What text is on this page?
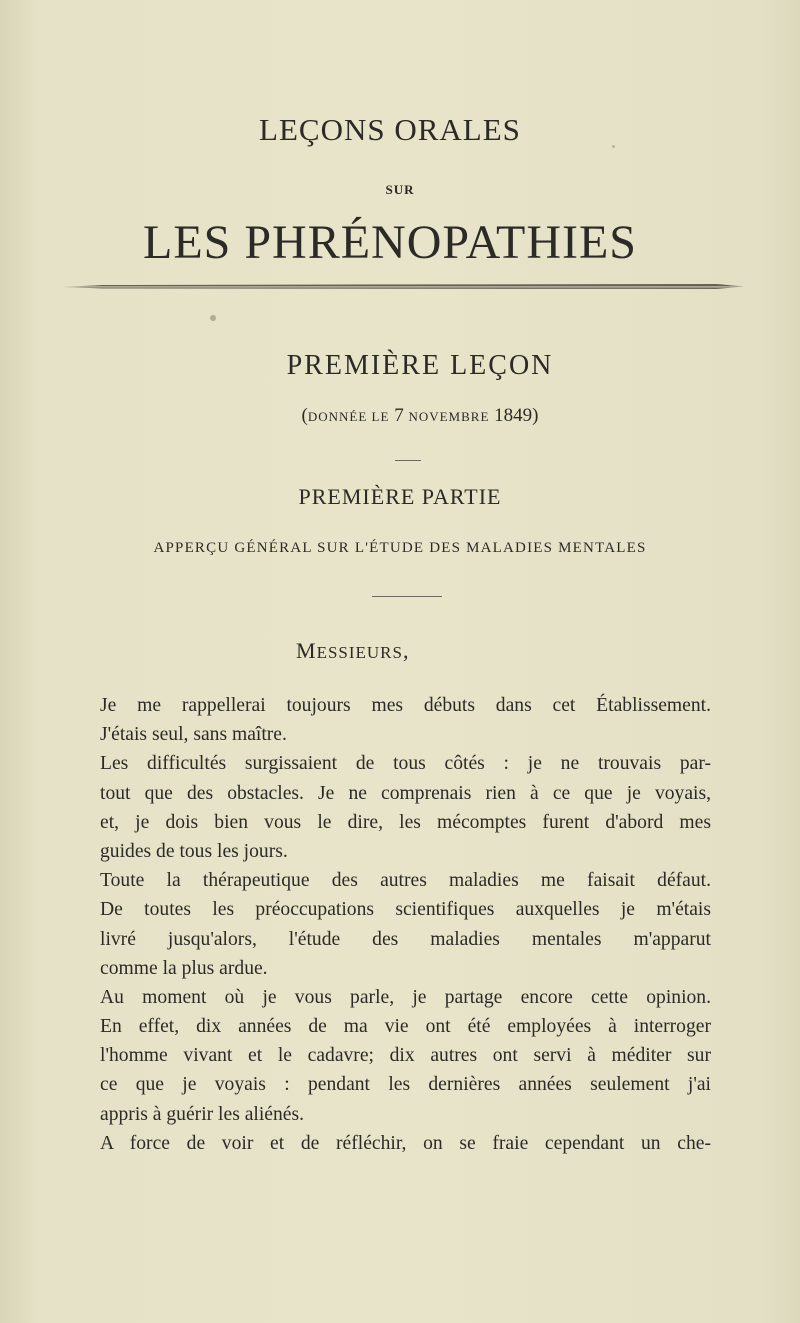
LEÇONS ORALES
SUR
LES PHRÉNOPATHIES
PREMIÈRE LEÇON
(DONNÉE LE 7 NOVEMBRE 1849)
PREMIÈRE PARTIE
APPERÇU GÉNÉRAL SUR L'ÉTUDE DES MALADIES MENTALES
MESSIEURS,
Je me rappellerai toujours mes débuts dans cet Établissement.
J'étais seul, sans maître.
Les difficultés surgissaient de tous côtés : je ne trouvais par-
tout que des obstacles. Je ne comprenais rien à ce que je voyais,
et, je dois bien vous le dire, les mécomptes furent d'abord mes
guides de tous les jours.
Toute la thérapeutique des autres maladies me faisait défaut.
De toutes les préoccupations scientifiques auxquelles je m'étais
livré jusqu'alors, l'étude des maladies mentales m'apparut
comme la plus ardue.
Au moment où je vous parle, je partage encore cette opinion.
En effet, dix années de ma vie ont été employées à interroger
l'homme vivant et le cadavre; dix autres ont servi à méditer sur
ce que je voyais : pendant les dernières années seulement j'ai
appris à guérir les aliénés.
A force de voir et de réfléchir, on se fraie cependant un che-
